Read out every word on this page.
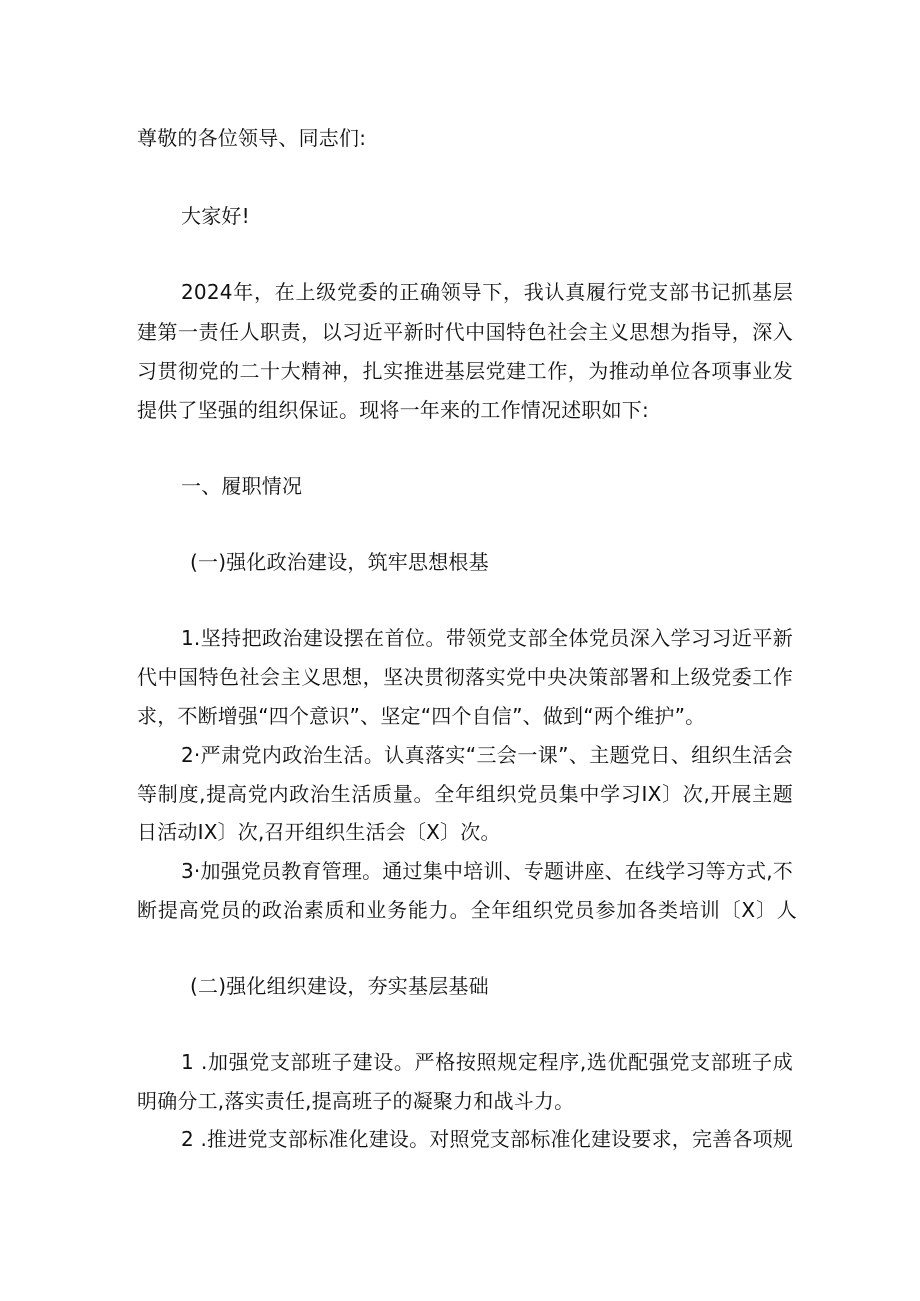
尊敬的各位领导、同志们:

大家好!

2024年，在上级党委的正确领导下，我认真履行党支部书记抓基层

建第一责任人职责，以习近平新时代中国特色社会主义思想为指导，深入

习贯彻党的二十大精神，扎实推进基层党建工作，为推动单位各项事业发

提供了坚强的组织保证。现将一年来的工作情况述职如下:

一、履职情况

(一)强化政治建设，筑牢思想根基

1.坚持把政治建设摆在首位。带领党支部全体党员深入学习习近平新

代中国特色社会主义思想，坚决贯彻落实党中央决策部署和上级党委工作

求，不断增强“四个意识”、坚定“四个自信”、做到“两个维护”。

2·严肃党内政治生活。认真落实“三会一课”、主题党日、组织生活会

等制度,提高党内政治生活质量。全年组织党员集中学习IX〕次,开展主题

日活动IX〕次,召开组织生活会〔X〕次。

3·加强党员教育管理。通过集中培训、专题讲座、在线学习等方式,不

断提高党员的政治素质和业务能力。全年组织党员参加各类培训〔X〕人

(二)强化组织建设，夯实基层基础

1 .加强党支部班子建设。严格按照规定程序,选优配强党支部班子成

明确分工,落实责任,提高班子的凝聚力和战斗力。

2 .推进党支部标准化建设。对照党支部标准化建设要求，完善各项规
